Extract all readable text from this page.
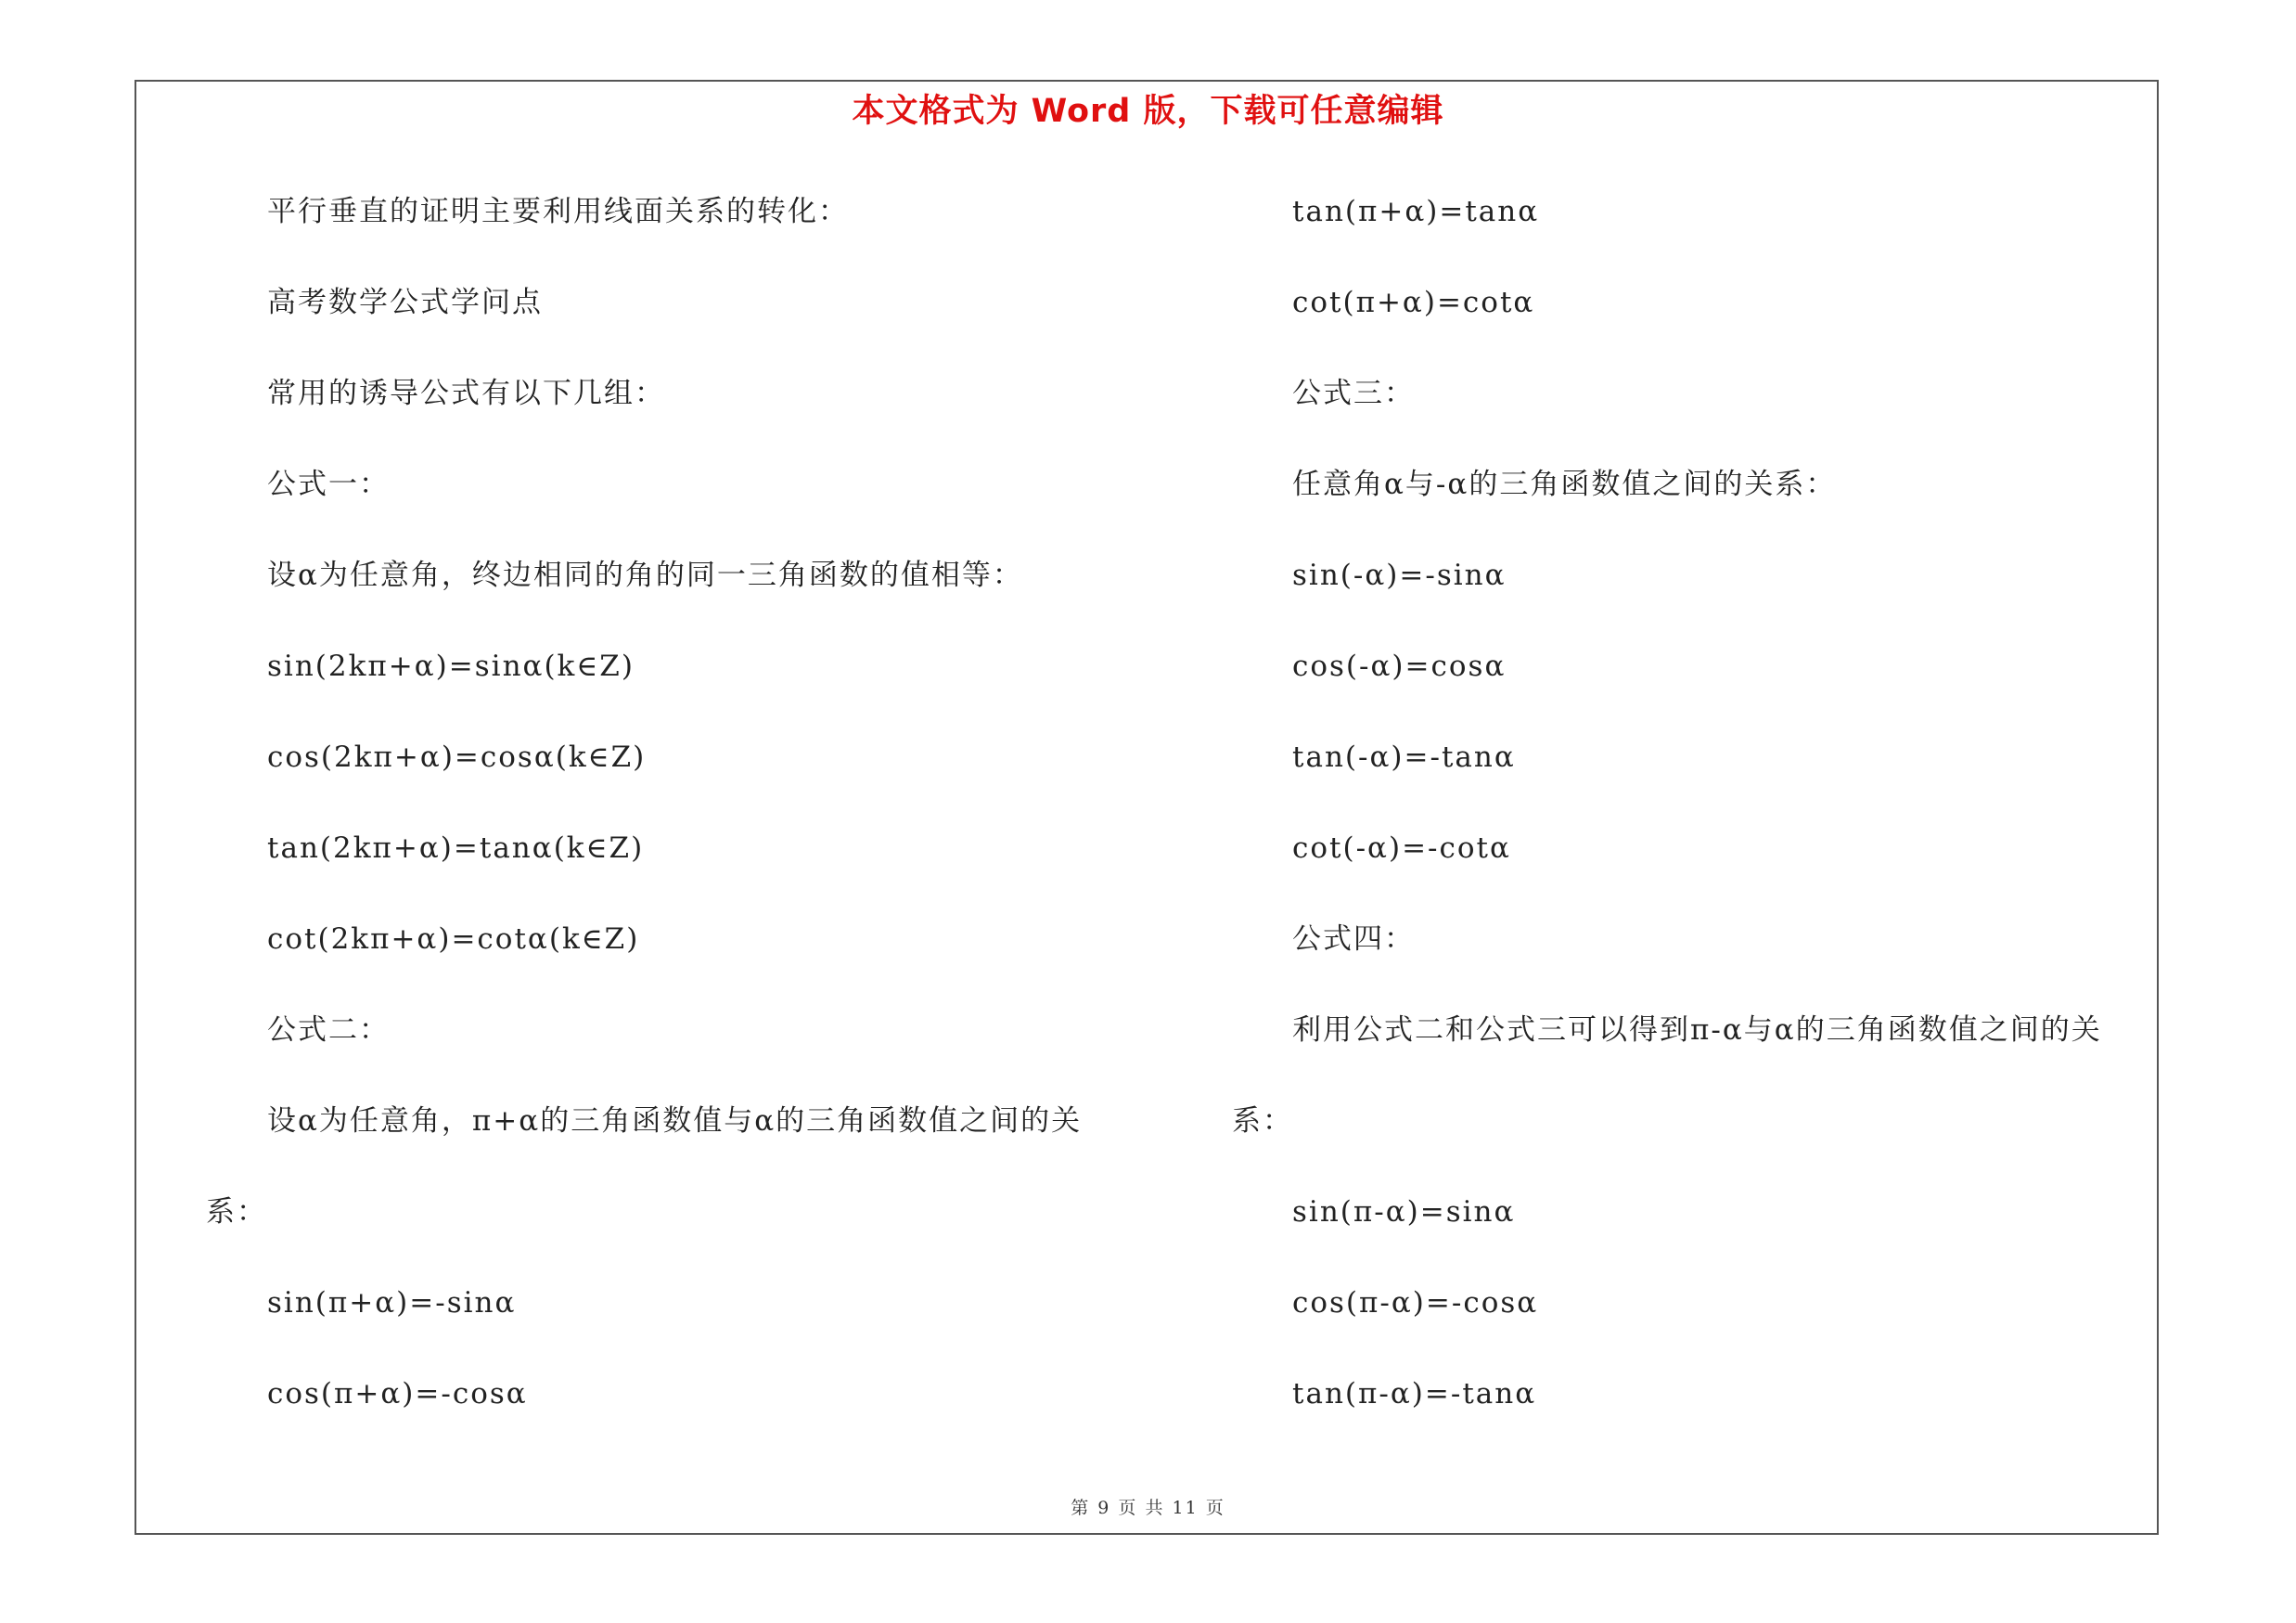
本文格式为 Word 版，下载可任意编辑
平行垂直的证明主要利用线面关系的转化：
高考数学公式学问点
常用的诱导公式有以下几组：
公式一：
设α为任意角，终边相同的角的同一三角函数的值相等：
sin(2kπ+α)=sinα(k∈Z)
cos(2kπ+α)=cosα(k∈Z)
tan(2kπ+α)=tanα(k∈Z)
cot(2kπ+α)=cotα(k∈Z)
公式二：
设α为任意角，π+α的三角函数值与α的三角函数值之间的关
系：
sin(π+α)=-sinα
cos(π+α)=-cosα
tan(π+α)=tanα
cot(π+α)=cotα
公式三：
任意角α与-α的三角函数值之间的关系：
sin(-α)=-sinα
cos(-α)=cosα
tan(-α)=-tanα
cot(-α)=-cotα
公式四：
利用公式二和公式三可以得到π-α与α的三角函数值之间的关
系：
sin(π-α)=sinα
cos(π-α)=-cosα
tan(π-α)=-tanα
第 9 页 共 11 页
